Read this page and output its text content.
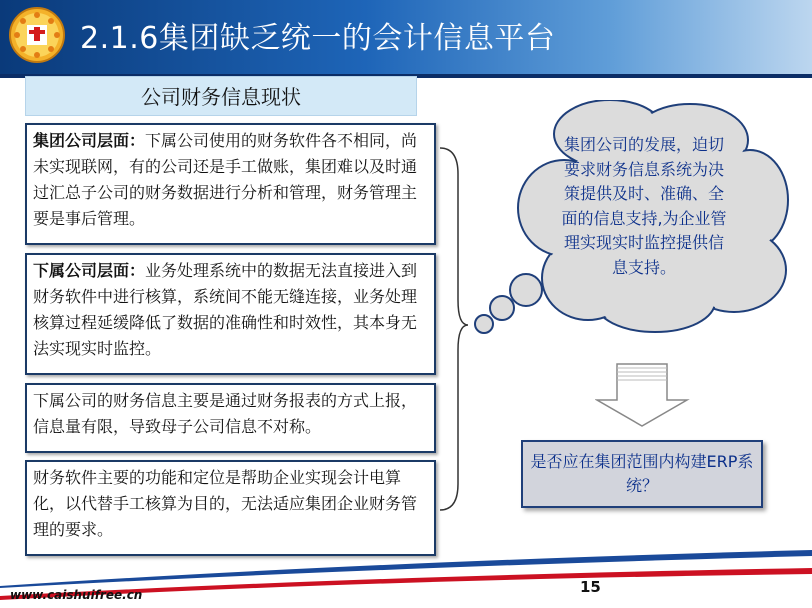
2.1.6集团缺乏统一的会计信息平台
公司财务信息现状
集团公司层面：下属公司使用的财务软件各不相同，尚未实现联网，有的公司还是手工做账，集团难以及时通过汇总子公司的财务数据进行分析和管理，财务管理主要是事后管理。
下属公司层面：业务处理系统中的数据无法直接进入到财务软件中进行核算，系统间不能无缝连接，业务处理核算过程延缓降低了数据的准确性和时效性，其本身无法实现实时监控。
下属公司的财务信息主要是通过财务报表的方式上报，信息量有限，导致母子公司信息不对称。
财务软件主要的功能和定位是帮助企业实现会计电算化，以代替手工核算为目的，无法适应集团企业财务管理的要求。
集团公司的发展，迫切要求财务信息系统为决策提供及时、准确、全面的信息支持,为企业管理实现实时监控提供信息支持。
是否应在集团范围内构建ERP系统？
www.caishuifree.cn	15
